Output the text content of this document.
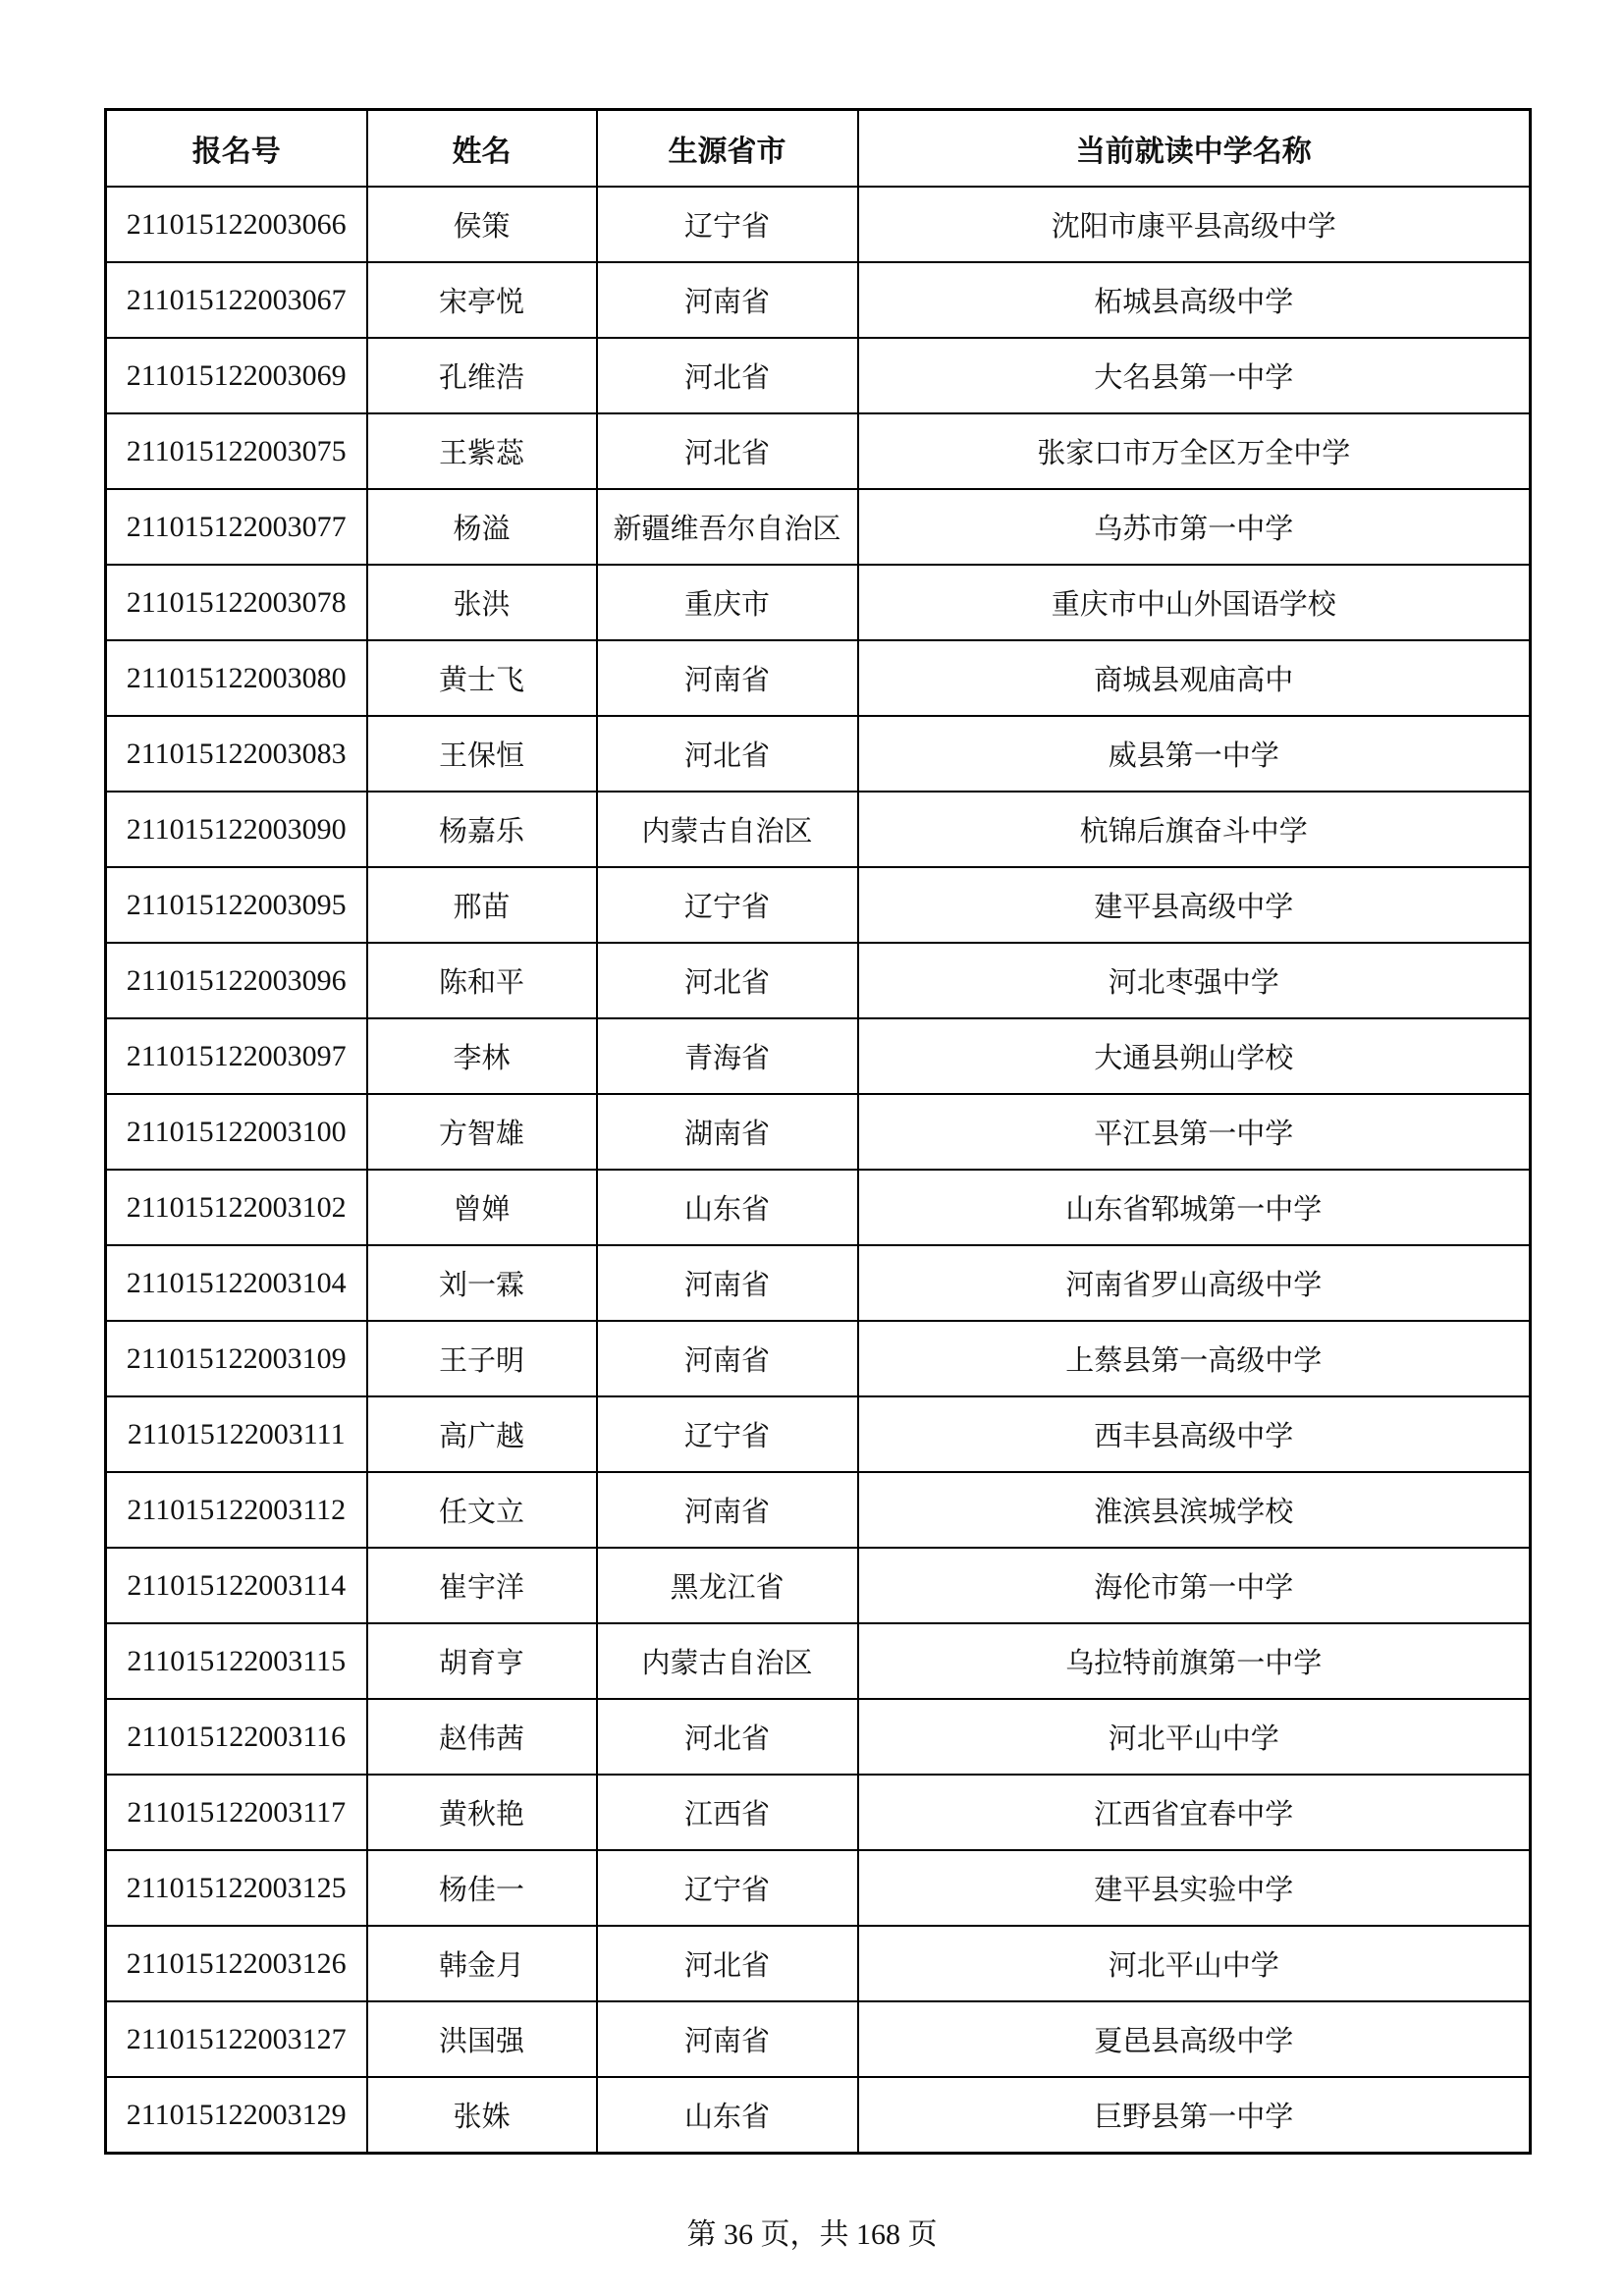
报名号	姓名	生源省市	当前就读中学名称
211015122003066	侯策	辽宁省	沈阳市康平县高级中学
211015122003067	宋亭悦	河南省	柘城县高级中学
211015122003069	孔维浩	河北省	大名县第一中学
211015122003075	王紫蕊	河北省	张家口市万全区万全中学
211015122003077	杨溢	新疆维吾尔自治区	乌苏市第一中学
211015122003078	张洪	重庆市	重庆市中山外国语学校
211015122003080	黄士飞	河南省	商城县观庙高中
211015122003083	王保恒	河北省	威县第一中学
211015122003090	杨嘉乐	内蒙古自治区	杭锦后旗奋斗中学
211015122003095	邢苗	辽宁省	建平县高级中学
211015122003096	陈和平	河北省	河北枣强中学
211015122003097	李林	青海省	大通县朔山学校
211015122003100	方智雄	湖南省	平江县第一中学
211015122003102	曾婵	山东省	山东省郓城第一中学
211015122003104	刘一霖	河南省	河南省罗山高级中学
211015122003109	王子明	河南省	上蔡县第一高级中学
211015122003111	高广越	辽宁省	西丰县高级中学
211015122003112	任文立	河南省	淮滨县滨城学校
211015122003114	崔宇洋	黑龙江省	海伦市第一中学
211015122003115	胡育亨	内蒙古自治区	乌拉特前旗第一中学
211015122003116	赵伟茜	河北省	河北平山中学
211015122003117	黄秋艳	江西省	江西省宜春中学
211015122003125	杨佳一	辽宁省	建平县实验中学
211015122003126	韩金月	河北省	河北平山中学
211015122003127	洪国强	河南省	夏邑县高级中学
211015122003129	张姝	山东省	巨野县第一中学
第 36 页，共 168 页
